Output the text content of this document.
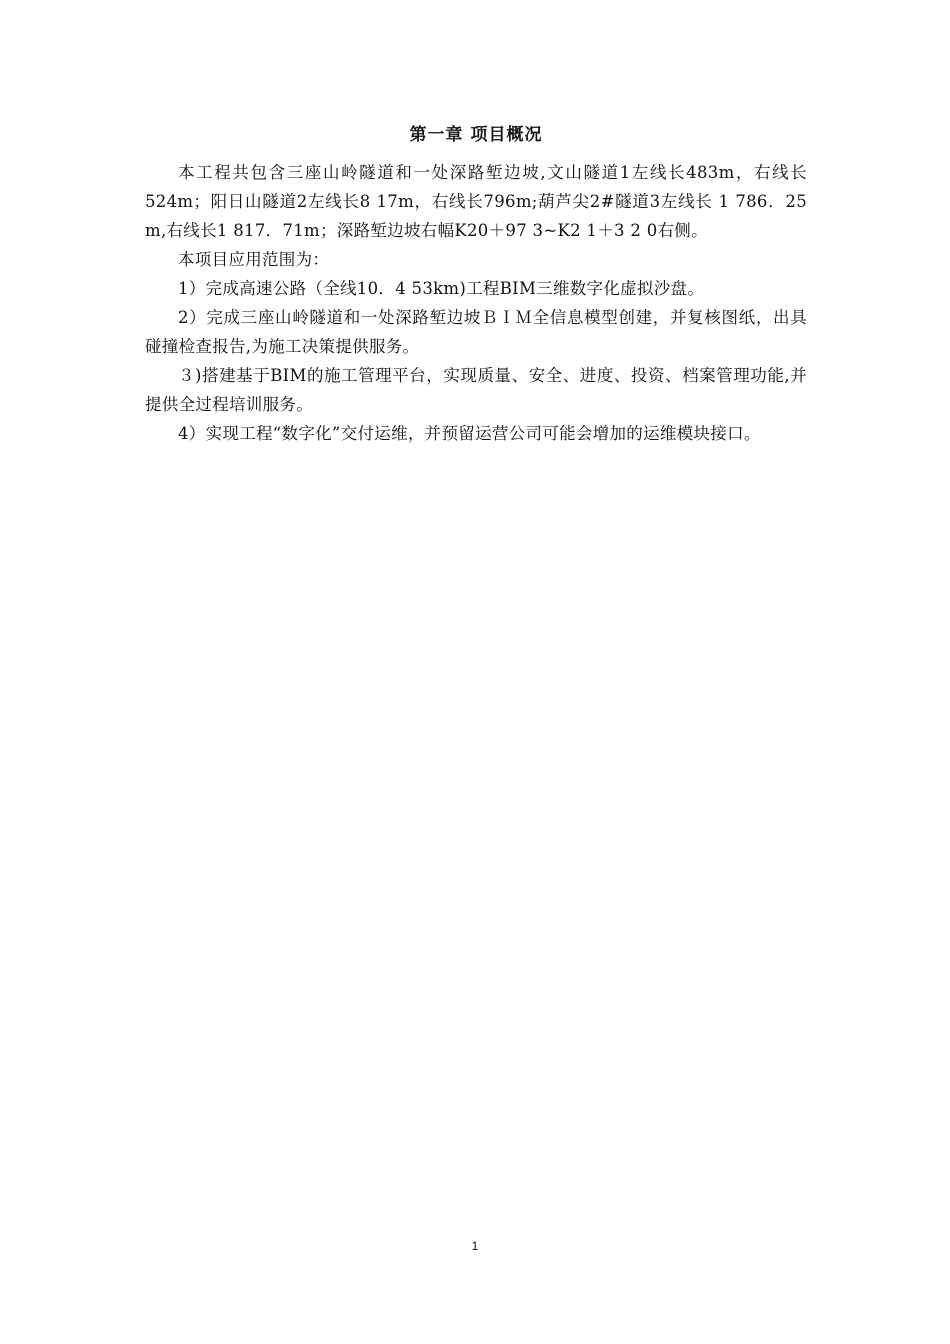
第一章 项目概况

本工程共包含三座山岭隧道和一处深路堑边坡,文山隧道1左线长483m，右线长524m；阳日山隧道2左线长8 17m，右线长796m;葫芦尖2#隧道3左线长 1 786．25 m,右线长1 817．71m；深路堑边坡右幅K20＋97 3~K2 1＋3 2 0右侧。

本项目应用范围为：

1）完成高速公路（全线10．4 53km)工程BIM三维数字化虚拟沙盘。

2）完成三座山岭隧道和一处深路堑边坡ＢＩＭ全信息模型创建，并复核图纸，出具碰撞检查报告,为施工决策提供服务。

３)搭建基于BIM的施工管理平台，实现质量、安全、进度、投资、档案管理功能,并提供全过程培训服务。

4）实现工程“数字化”交付运维，并预留运营公司可能会增加的运维模块接口。

1
